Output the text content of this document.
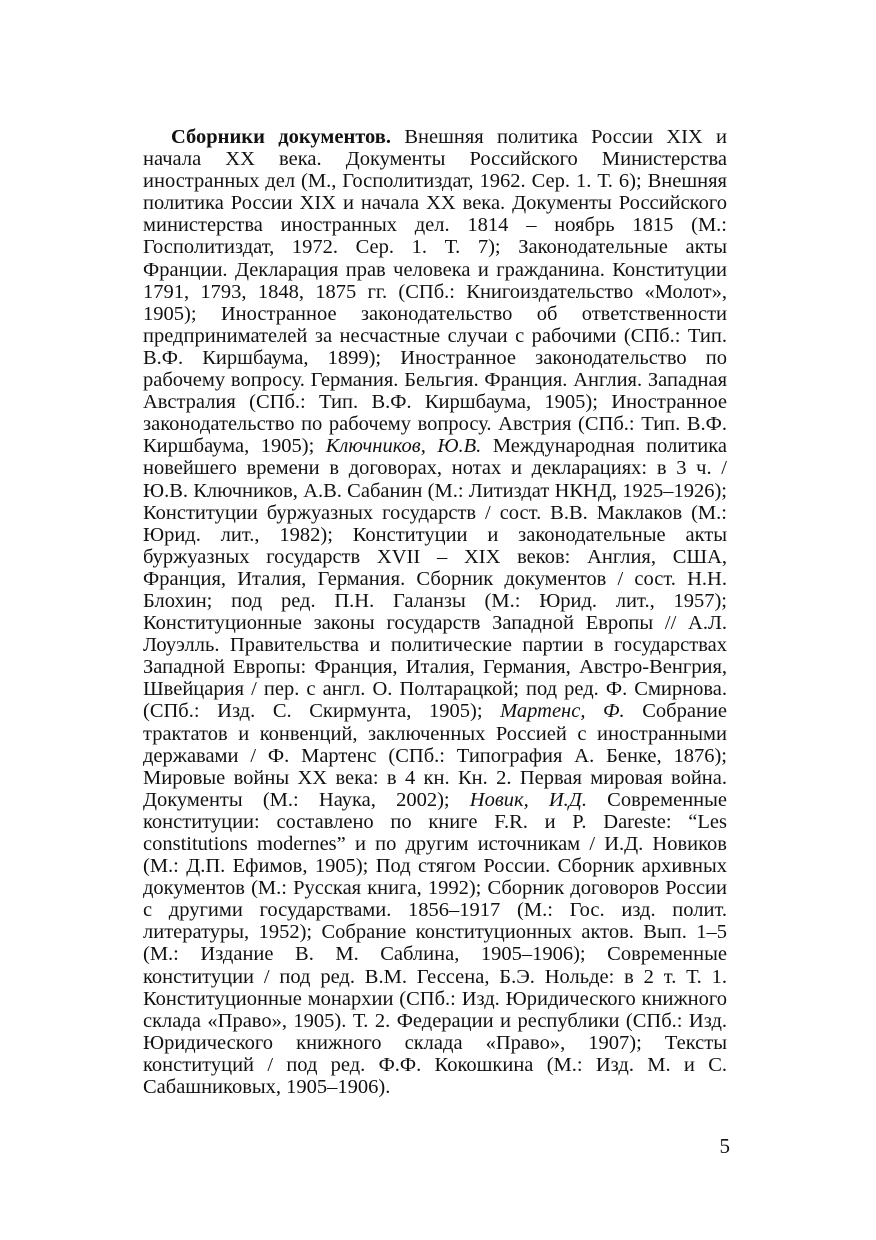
Сборники документов. Внешняя политика России XIX и начала XX века. Документы Российского Министерства иностранных дел (М., Госполитиздат, 1962. Сер. 1. Т. 6); Внешняя политика России XIX и начала XX века. Документы Российского министерства иностранных дел. 1814 – ноябрь 1815 (М.: Госполитиздат, 1972. Сер. 1. Т. 7); Законодательные акты Франции. Декларация прав человека и гражданина. Конституции 1791, 1793, 1848, 1875 гг. (СПб.: Книгоиздательство «Молот», 1905); Иностранное законодательство об ответственности предпринимателей за несчастные случаи с рабочими (СПб.: Тип. В.Ф. Киршбаума, 1899); Иностранное законодательство по рабочему вопросу. Германия. Бельгия. Франция. Англия. Западная Австралия (СПб.: Тип. В.Ф. Киршбаума, 1905); Иностранное законодательство по рабочему вопросу. Австрия (СПб.: Тип. В.Ф. Киршбаума, 1905); Ключников, Ю.В. Международная политика новейшего времени в договорах, нотах и декларациях: в 3 ч. / Ю.В. Ключников, А.В. Сабанин (М.: Литиздат НКНД, 1925–1926); Конституции буржуазных государств / сост. В.В. Маклаков (М.: Юрид. лит., 1982); Конституции и законодательные акты буржуазных государств XVII – XIX веков: Англия, США, Франция, Италия, Германия. Сборник документов / сост. Н.Н. Блохин; под ред. П.Н. Галанзы (М.: Юрид. лит., 1957); Конституционные законы государств Западной Европы // А.Л. Лоуэлль. Правительства и политические партии в государствах Западной Европы: Франция, Италия, Германия, Австро-Венгрия, Швейцария / пер. с англ. О. Полтарацкой; под ред. Ф. Смирнова. (СПб.: Изд. С. Скирмунта, 1905); Мартенс, Ф. Собрание трактатов и конвенций, заключенных Россией с иностранными державами / Ф. Мартенс (СПб.: Типография А. Бенке, 1876); Мировые войны XX века: в 4 кн. Кн. 2. Первая мировая война. Документы (М.: Наука, 2002); Новик, И.Д. Современные конституции: составлено по книге F.R. и P. Dareste: “Les constitutions modernes” и по другим источникам / И.Д. Новиков (М.: Д.П. Ефимов, 1905); Под стягом России. Сборник архивных документов (М.: Русская книга, 1992); Сборник договоров России с другими государствами. 1856–1917 (М.: Гос. изд. полит. литературы, 1952); Собрание конституционных актов. Вып. 1–5 (М.: Издание В. М. Саблина, 1905–1906); Современные конституции / под ред. В.М. Гессена, Б.Э. Нольде: в 2 т. Т. 1. Конституционные монархии (СПб.: Изд. Юридического книжного склада «Право», 1905). Т. 2. Федерации и республики (СПб.: Изд. Юридического книжного склада «Право», 1907); Тексты конституций / под ред. Ф.Ф. Кокошкина (М.: Изд. М. и С. Сабашниковых, 1905–1906).

5
